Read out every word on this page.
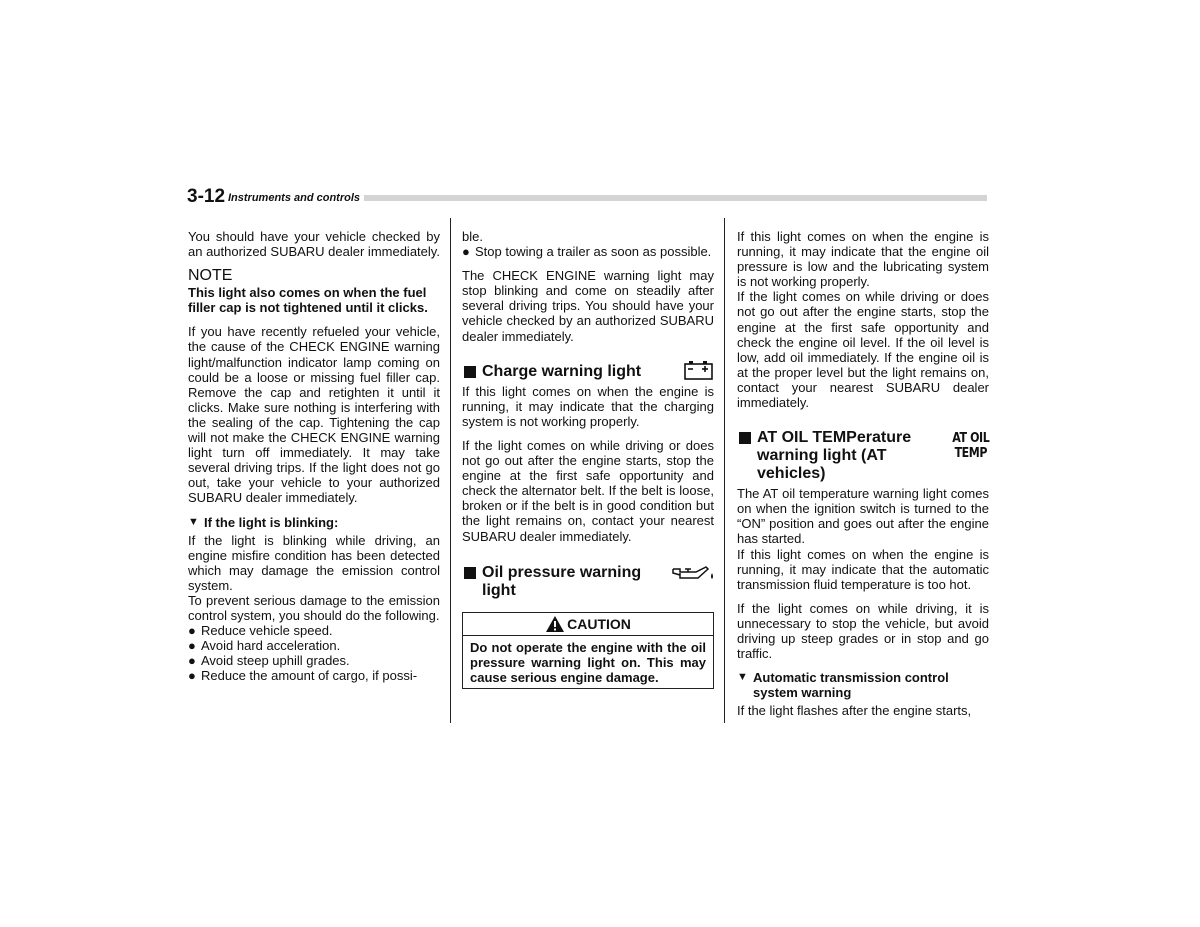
3-12 Instruments and controls

You should have your vehicle checked by an authorized SUBARU dealer immediately.

NOTE

This light also comes on when the fuel filler cap is not tightened until it clicks.

If you have recently refueled your vehicle, the cause of the CHECK ENGINE warning light/malfunction indicator lamp coming on could be a loose or missing fuel filler cap. Remove the cap and retighten it until it clicks. Make sure nothing is interfering with the sealing of the cap. Tightening the cap will not make the CHECK ENGINE warning light turn off immediately. It may take several driving trips. If the light does not go out, take your vehicle to your authorized SUBARU dealer immediately.

▼ If the light is blinking:

If the light is blinking while driving, an engine misfire condition has been detected which may damage the emission control system.

To prevent serious damage to the emission control system, you should do the following.

● Reduce vehicle speed.
● Avoid hard acceleration.
● Avoid steep uphill grades.
● Reduce the amount of cargo, if possi-

ble.

● Stop towing a trailer as soon as possible.

The CHECK ENGINE warning light may stop blinking and come on steadily after several driving trips. You should have your vehicle checked by an authorized SUBARU dealer immediately.

Charge warning light

If this light comes on when the engine is running, it may indicate that the charging system is not working properly.

If the light comes on while driving or does not go out after the engine starts, stop the engine at the first safe opportunity and check the alternator belt. If the belt is loose, broken or if the belt is in good condition but the light remains on, contact your nearest SUBARU dealer immediately.

Oil pressure warning light
CAUTION

Do not operate the engine with the oil pressure warning light on. This may cause serious engine damage.

If this light comes on when the engine is running, it may indicate that the engine oil pressure is low and the lubricating system is not working properly.

If the light comes on while driving or does not go out after the engine starts, stop the engine at the first safe opportunity and check the engine oil level. If the oil level is low, add oil immediately. If the engine oil is at the proper level but the light remains on, contact your nearest SUBARU dealer immediately.

AT OIL TEMPerature warning light (AT vehicles)
AT OIL
TEMP

The AT oil temperature warning light comes on when the ignition switch is turned to the “ON” position and goes out after the engine has started.

If this light comes on when the engine is running, it may indicate that the automatic transmission fluid temperature is too hot.

If the light comes on while driving, it is unnecessary to stop the vehicle, but avoid driving up steep grades or in stop and go traffic.

▼ Automatic transmission control system warning

If the light flashes after the engine starts,
